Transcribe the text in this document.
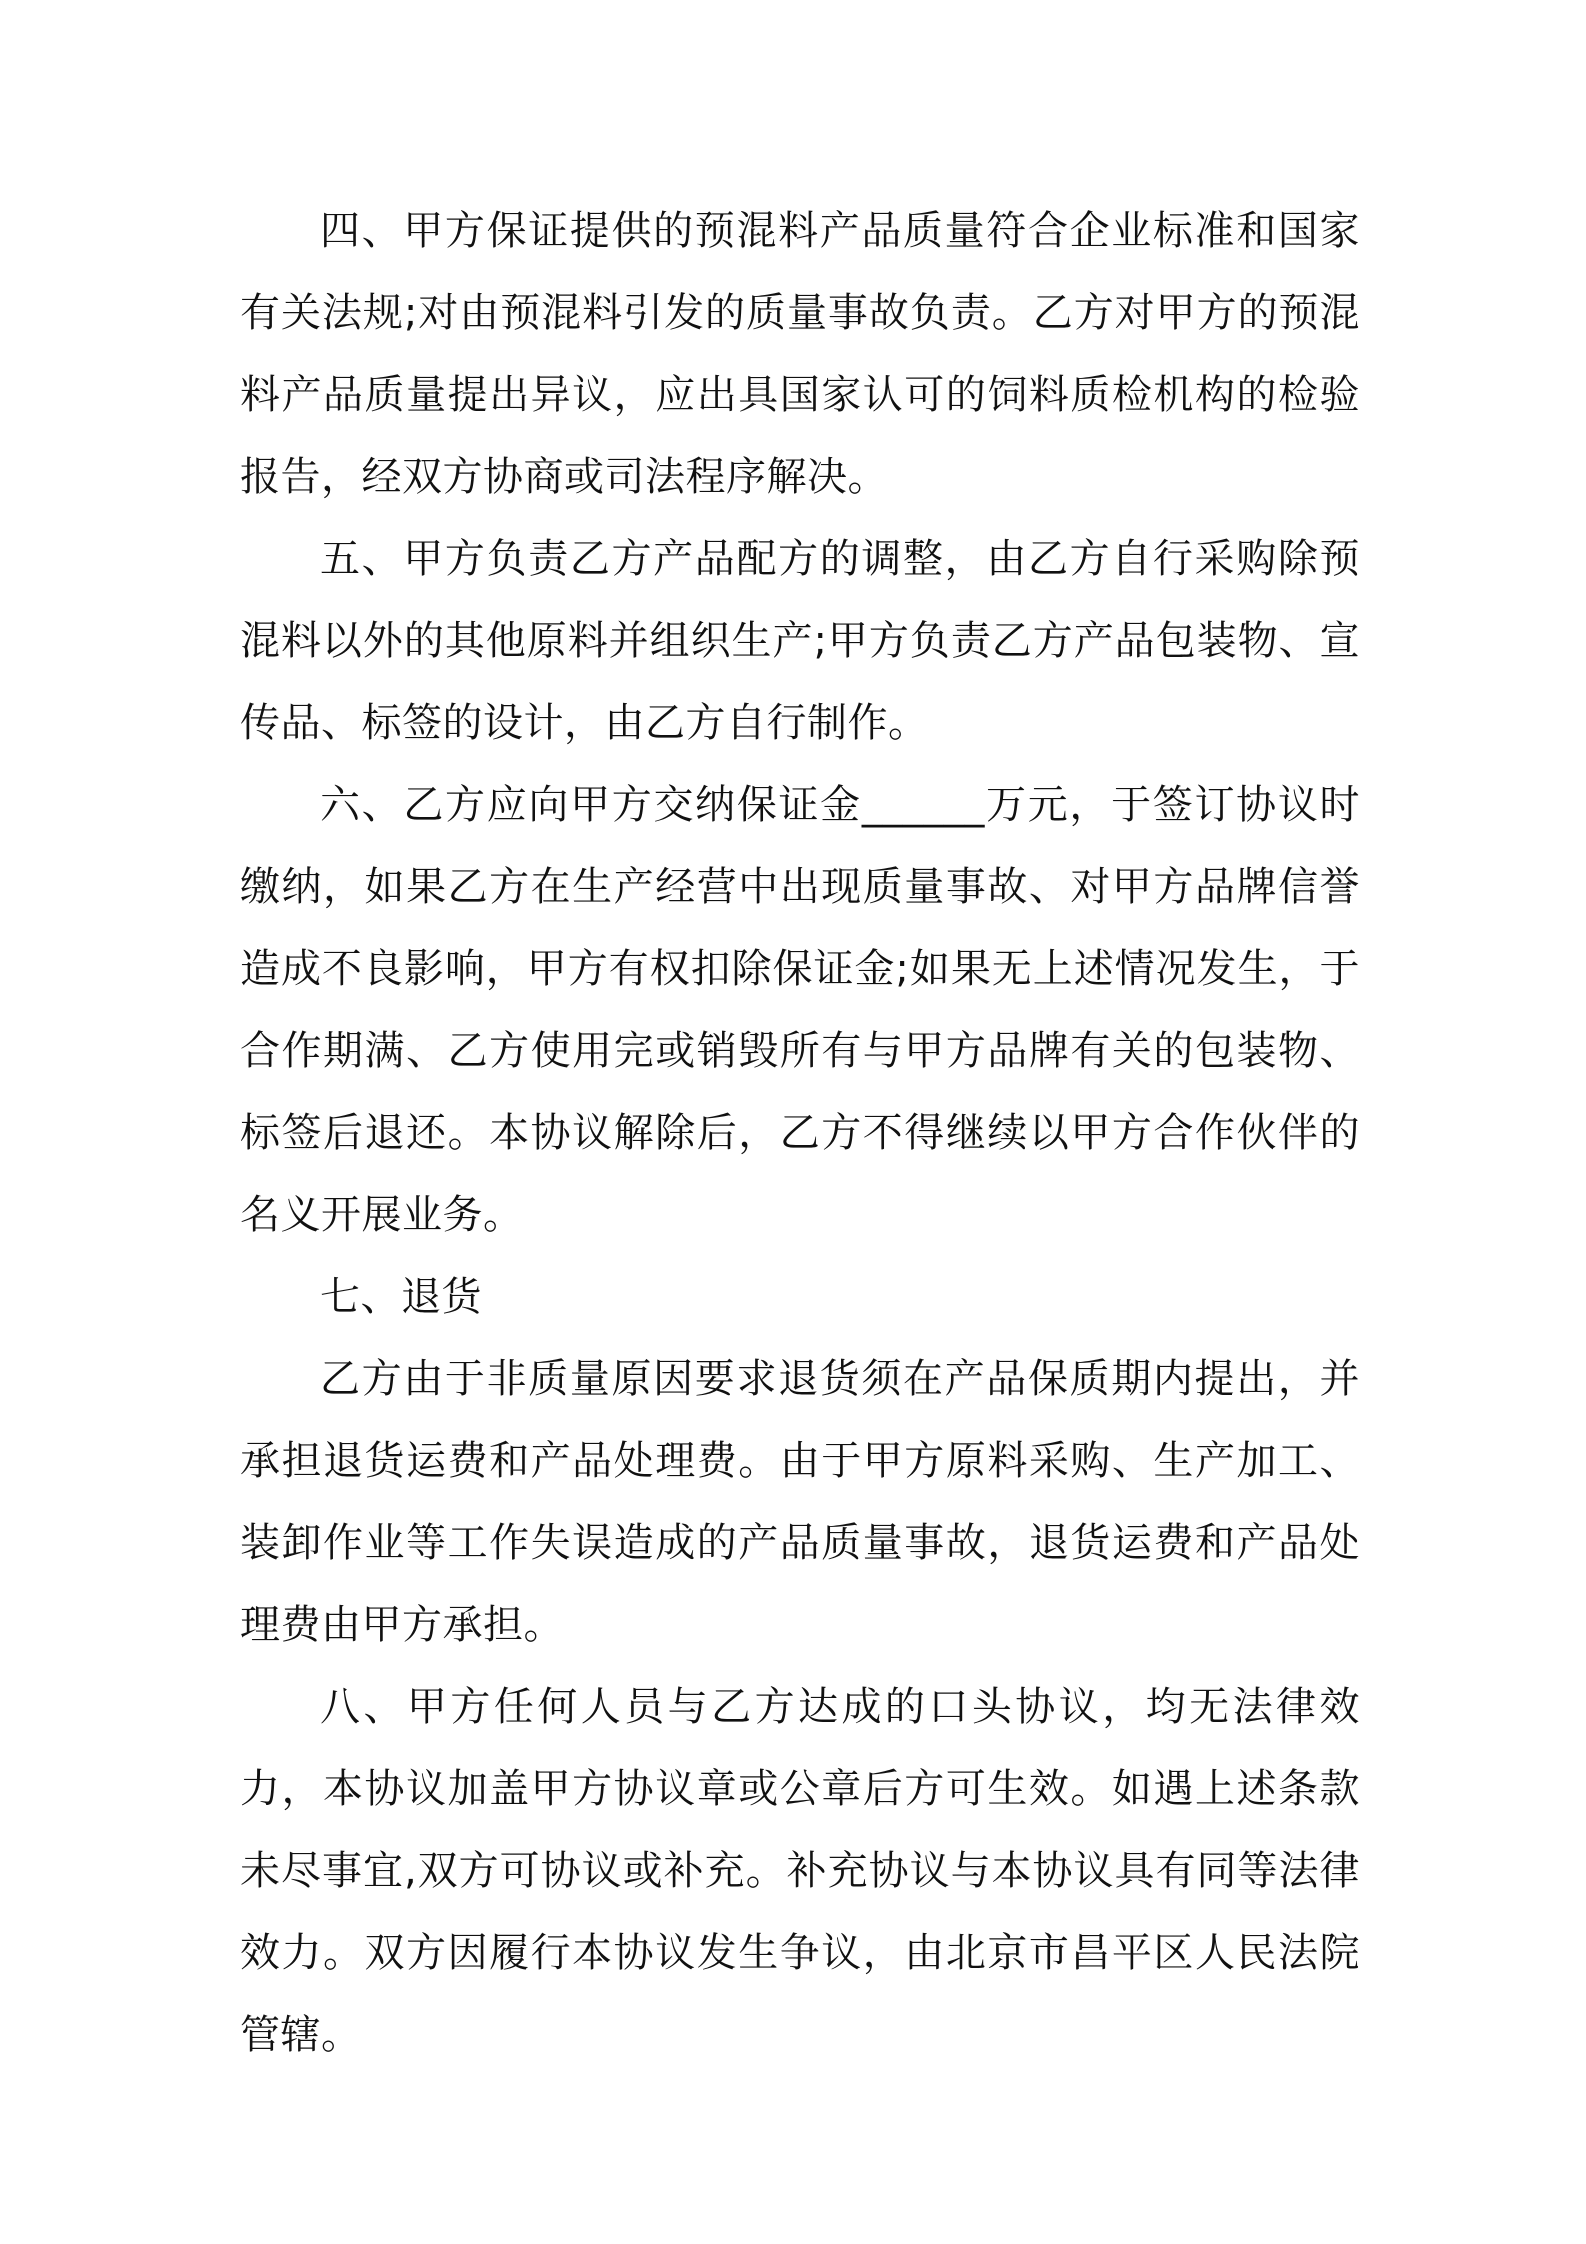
四、甲方保证提供的预混料产品质量符合企业标准和国家有关法规;对由预混料引发的质量事故负责。乙方对甲方的预混料产品质量提出异议，应出具国家认可的饲料质检机构的检验报告，经双方协商或司法程序解决。

五、甲方负责乙方产品配方的调整，由乙方自行采购除预混料以外的其他原料并组织生产;甲方负责乙方产品包装物、宣传品、标签的设计，由乙方自行制作。

六、乙方应向甲方交纳保证金______万元，于签订协议时缴纳，如果乙方在生产经营中出现质量事故、对甲方品牌信誉造成不良影响，甲方有权扣除保证金;如果无上述情况发生，于合作期满、乙方使用完或销毁所有与甲方品牌有关的包装物、标签后退还。本协议解除后，乙方不得继续以甲方合作伙伴的名义开展业务。

七、退货

乙方由于非质量原因要求退货须在产品保质期内提出，并承担退货运费和产品处理费。由于甲方原料采购、生产加工、装卸作业等工作失误造成的产品质量事故，退货运费和产品处理费由甲方承担。

八、甲方任何人员与乙方达成的口头协议，均无法律效力，本协议加盖甲方协议章或公章后方可生效。如遇上述条款未尽事宜,双方可协议或补充。补充协议与本协议具有同等法律效力。双方因履行本协议发生争议，由北京市昌平区人民法院管辖。
